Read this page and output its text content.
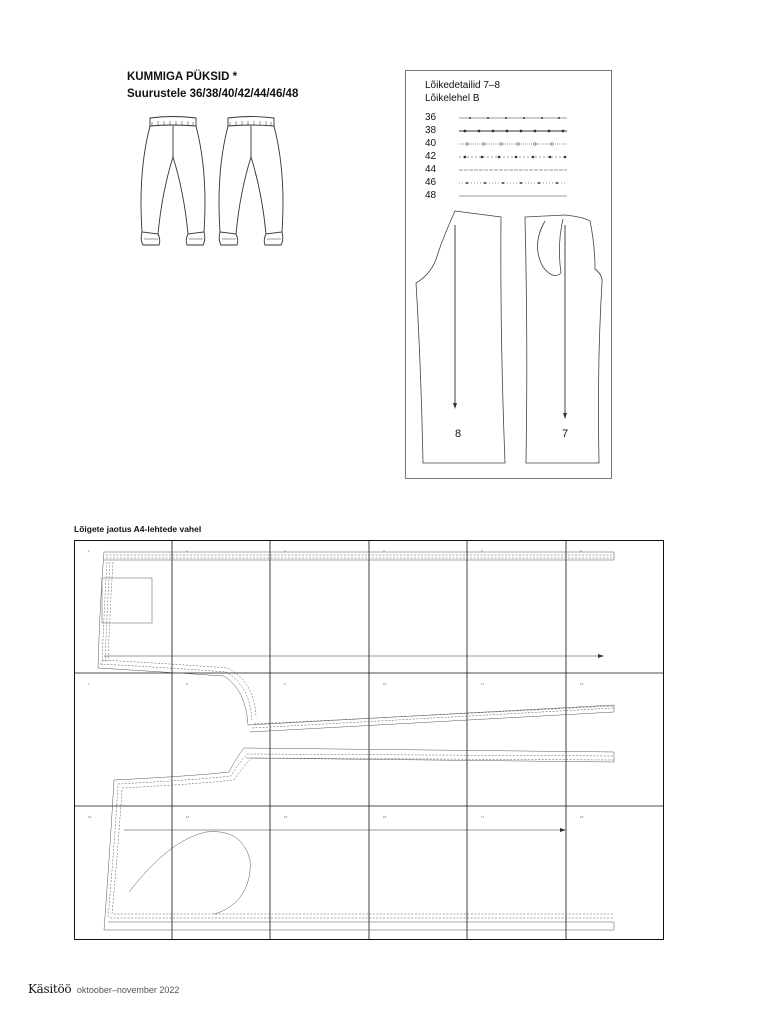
KUMMIGA PÜKSID *
Suurustele 36/38/40/42/44/46/48
Lõikedetailid 7–8
Lõikelehel B
36
38
40
42
44
46
48
8	7
Lõigete jaotus A4-lehtede vahel
1	2	3	4	5	6
7	8	9	10	11	12
13	14	15	16	17	18
Käsitöö oktoober–november 2022
